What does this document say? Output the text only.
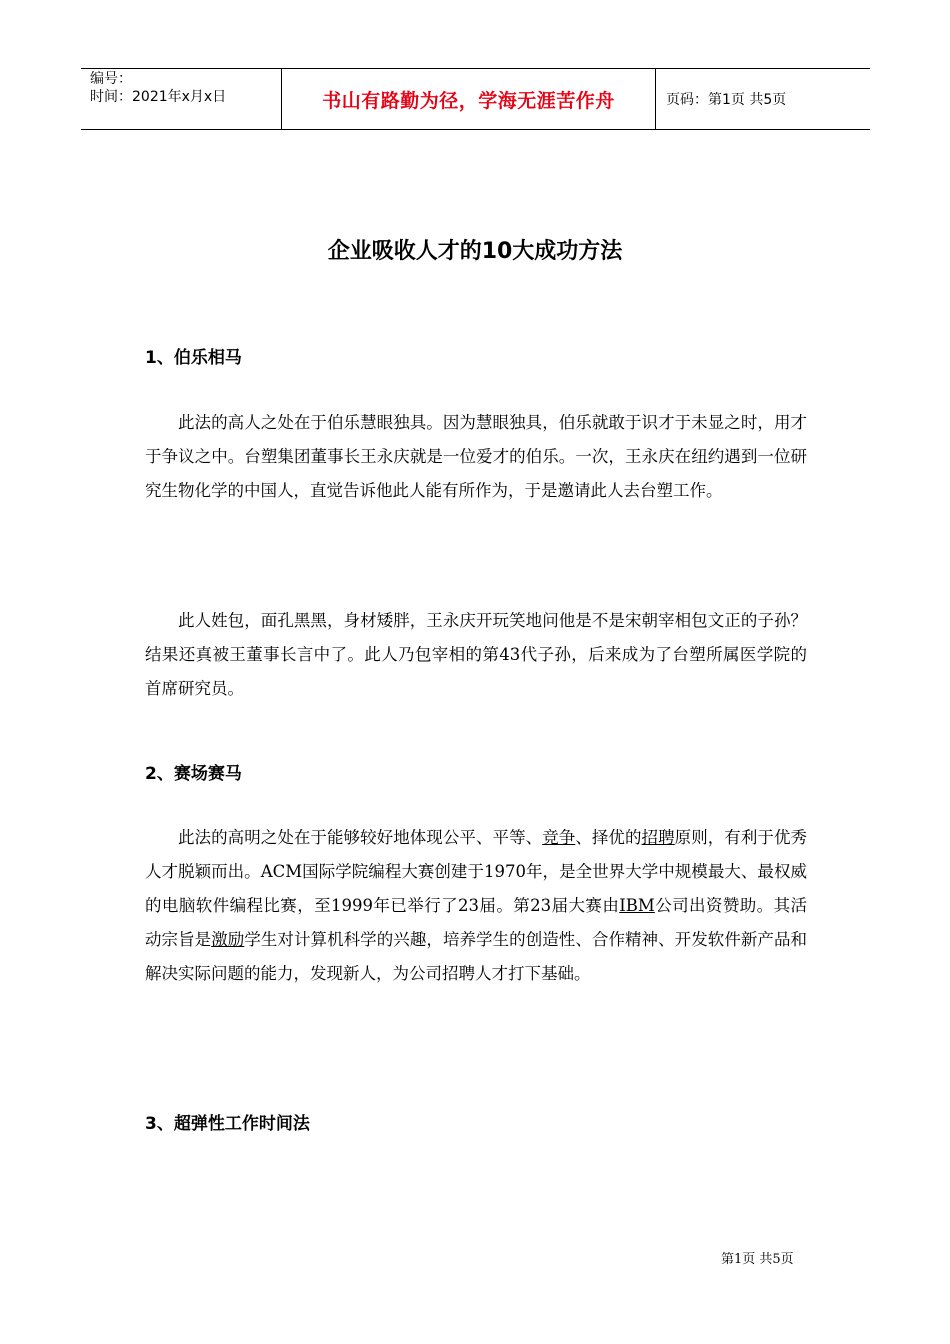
编号：
时间：2021年x月x日	书山有路勤为径，学海无涯苦作舟	页码：第1页 共5页
企业吸收人才的10大成功方法
1、伯乐相马

此法的高人之处在于伯乐慧眼独具。因为慧眼独具，伯乐就敢于识才于未显之时，用才于争议之中。台塑集团董事长王永庆就是一位爱才的伯乐。一次，王永庆在纽约遇到一位研究生物化学的中国人，直觉告诉他此人能有所作为，于是邀请此人去台塑工作。

此人姓包，面孔黑黑，身材矮胖，王永庆开玩笑地问他是不是宋朝宰相包文正的子孙？结果还真被王董事长言中了。此人乃包宰相的第43代子孙，后来成为了台塑所属医学院的首席研究员。

2、赛场赛马

此法的高明之处在于能够较好地体现公平、平等、竞争、择优的招聘原则，有利于优秀人才脱颖而出。ACM国际学院编程大赛创建于1970年，是全世界大学中规模最大、最权威的电脑软件编程比赛，至1999年已举行了23届。第23届大赛由IBM公司出资赞助。其活动宗旨是激励学生对计算机科学的兴趣，培养学生的创造性、合作精神、开发软件新产品和解决实际问题的能力，发现新人，为公司招聘人才打下基础。

3、超弹性工作时间法
第1页 共5页
